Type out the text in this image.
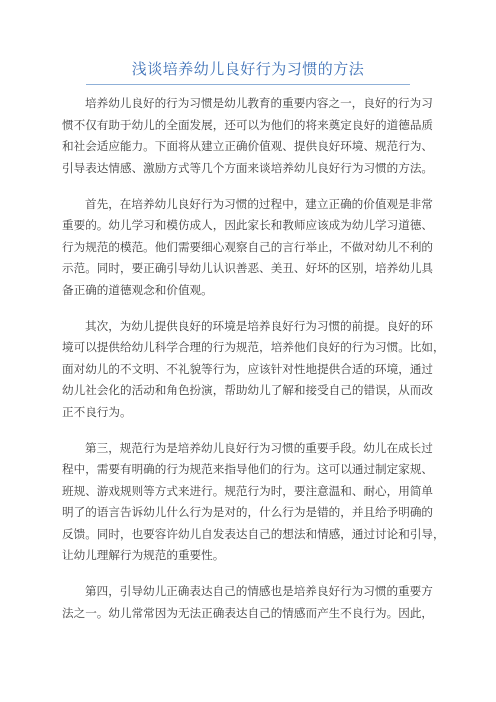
浅谈培养幼儿良好行为习惯的方法

培养幼儿良好的行为习惯是幼儿教育的重要内容之一，良好的行为习
惯不仅有助于幼儿的全面发展，还可以为他们的将来奠定良好的道德品质
和社会适应能力。下面将从建立正确价值观、提供良好环境、规范行为、
引导表达情感、激励方式等几个方面来谈培养幼儿良好行为习惯的方法。

首先，在培养幼儿良好行为习惯的过程中，建立正确的价值观是非常
重要的。幼儿学习和模仿成人，因此家长和教师应该成为幼儿学习道德、
行为规范的模范。他们需要细心观察自己的言行举止，不做对幼儿不利的
示范。同时，要正确引导幼儿认识善恶、美丑、好坏的区别，培养幼儿具
备正确的道德观念和价值观。

其次，为幼儿提供良好的环境是培养良好行为习惯的前提。良好的环
境可以提供给幼儿科学合理的行为规范，培养他们良好的行为习惯。比如，
面对幼儿的不文明、不礼貌等行为，应该针对性地提供合适的环境，通过
幼儿社会化的活动和角色扮演，帮助幼儿了解和接受自己的错误，从而改
正不良行为。

第三，规范行为是培养幼儿良好行为习惯的重要手段。幼儿在成长过
程中，需要有明确的行为规范来指导他们的行为。这可以通过制定家规、
班规、游戏规则等方式来进行。规范行为时，要注意温和、耐心，用简单
明了的语言告诉幼儿什么行为是对的，什么行为是错的，并且给予明确的
反馈。同时，也要容许幼儿自发表达自己的想法和情感，通过讨论和引导，
让幼儿理解行为规范的重要性。

第四，引导幼儿正确表达自己的情感也是培养良好行为习惯的重要方
法之一。幼儿常常因为无法正确表达自己的情感而产生不良行为。因此，
